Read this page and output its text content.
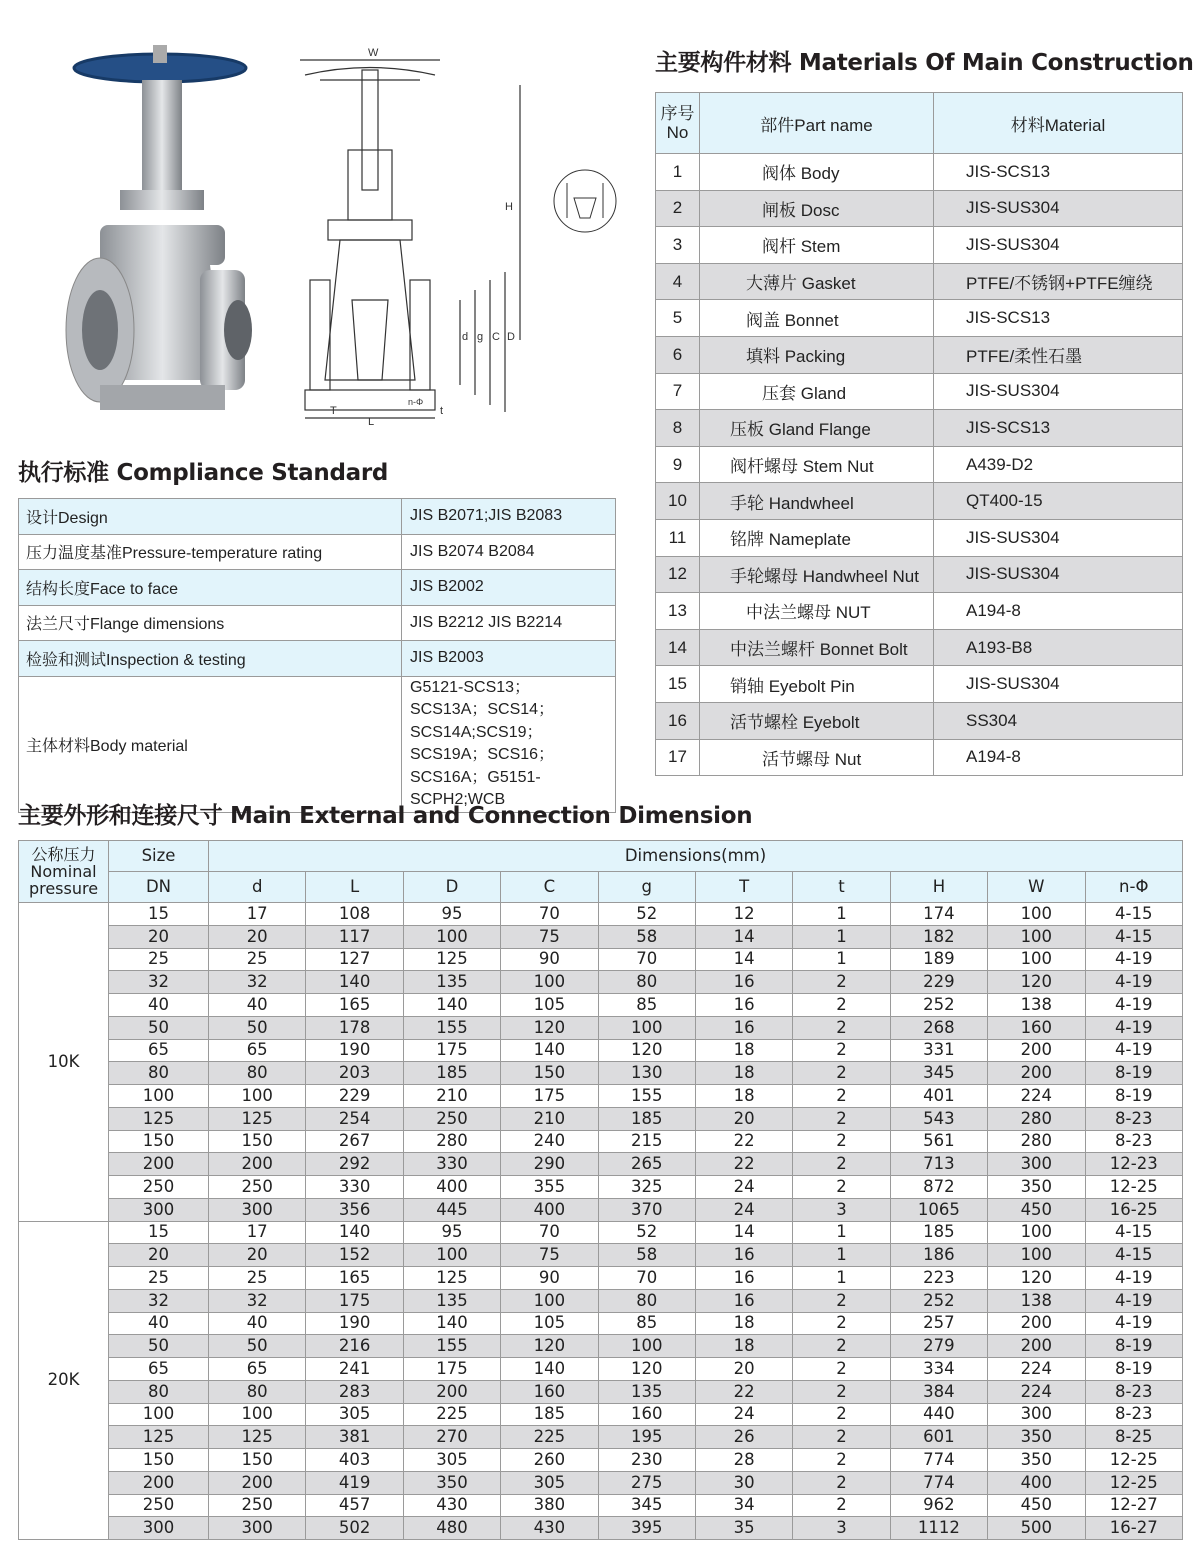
W
H
d g C D
T
L
t
n-Φ
主要构件材料 Materials Of Main Construction
序号
No	部件Part name	材料Material
1	阀体 Body	JIS-SCS13
2	闸板 Dosc	JIS-SUS304
3	阀杆 Stem	JIS-SUS304
4	大薄片 Gasket	PTFE/不锈钢+PTFE缠绕
5	阀盖 Bonnet	JIS-SCS13
6	填料 Packing	PTFE/柔性石墨
7	压套 Gland	JIS-SUS304
8	压板 Gland Flange	JIS-SCS13
9	阀杆螺母 Stem Nut	A439-D2
10	手轮 Handwheel	QT400-15
11	铭牌 Nameplate	JIS-SUS304
12	手轮螺母 Handwheel Nut	JIS-SUS304
13	中法兰螺母 NUT	A194-8
14	中法兰螺杆 Bonnet Bolt	A193-B8
15	销轴 Eyebolt Pin	JIS-SUS304
16	活节螺栓 Eyebolt	SS304
17	活节螺母 Nut	A194-8
执行标准 Compliance Standard
设计Design	JIS B2071;JIS B2083
压力温度基准Pressure-temperature rating	JIS B2074 B2084
结构长度Face to face	JIS B2002
法兰尺寸Flange dimensions	JIS B2212 JIS B2214
检验和测试Inspection & testing	JIS B2003
主体材料Body material	G5121-SCS13；SCS13A；SCS14；SCS14A;SCS19；SCS19A；SCS16；SCS16A；G5151-SCPH2;WCB
主要外形和连接尺寸 Main External and Connection Dimension
公称压力
Nominal
pressure	Size	Dimensions(mm)									
	DN	d	L	D	C	g	T	t	H	W	n-Φ
10K	15	17	108	95	70	52	12	1	174	100	4-15
	20	20	117	100	75	58	14	1	182	100	4-15
	25	25	127	125	90	70	14	1	189	100	4-19
	32	32	140	135	100	80	16	2	229	120	4-19
	40	40	165	140	105	85	16	2	252	138	4-19
	50	50	178	155	120	100	16	2	268	160	4-19
	65	65	190	175	140	120	18	2	331	200	4-19
	80	80	203	185	150	130	18	2	345	200	8-19
	100	100	229	210	175	155	18	2	401	224	8-19
	125	125	254	250	210	185	20	2	543	280	8-23
	150	150	267	280	240	215	22	2	561	280	8-23
	200	200	292	330	290	265	22	2	713	300	12-23
	250	250	330	400	355	325	24	2	872	350	12-25
	300	300	356	445	400	370	24	3	1065	450	16-25
20K	15	17	140	95	70	52	14	1	185	100	4-15
	20	20	152	100	75	58	16	1	186	100	4-15
	25	25	165	125	90	70	16	1	223	120	4-19
	32	32	175	135	100	80	16	2	252	138	4-19
	40	40	190	140	105	85	18	2	257	200	4-19
	50	50	216	155	120	100	18	2	279	200	8-19
	65	65	241	175	140	120	20	2	334	224	8-19
	80	80	283	200	160	135	22	2	384	224	8-23
	100	100	305	225	185	160	24	2	440	300	8-23
	125	125	381	270	225	195	26	2	601	350	8-25
	150	150	403	305	260	230	28	2	774	350	12-25
	200	200	419	350	305	275	30	2	774	400	12-25
	250	250	457	430	380	345	34	2	962	450	12-27
	300	300	502	480	430	395	35	3	1112	500	16-27
